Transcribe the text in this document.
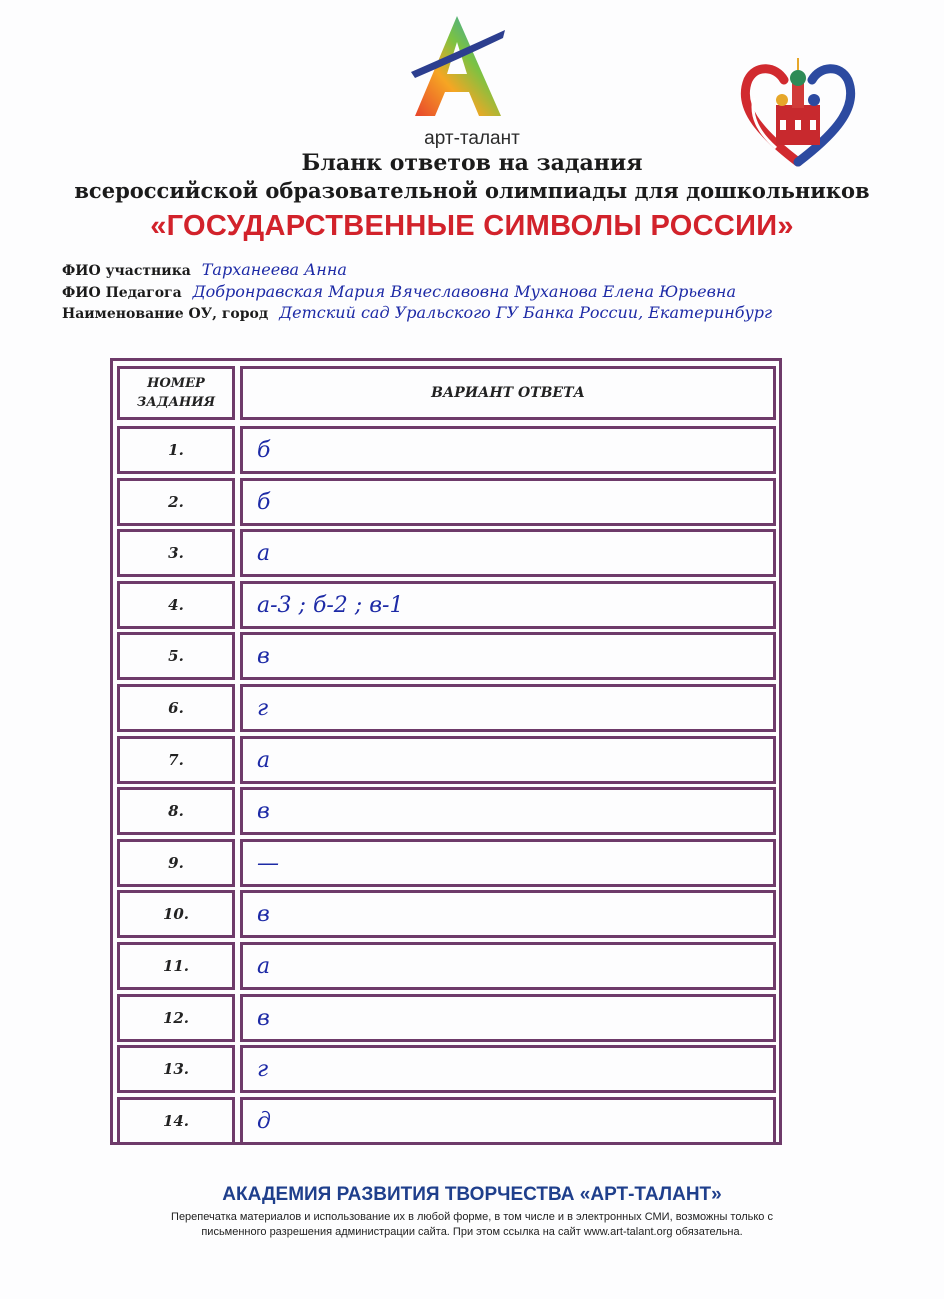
арт-талант
Бланк ответов на задания
всероссийской образовательной олимпиады для дошкольников
«ГОСУДАРСТВЕННЫЕ СИМВОЛЫ РОССИИ»
ФИО участника Тарханеева Анна
ФИО Педагога Добронравская Мария Вячеславовна Муханова Елена Юрьевна
Наименование ОУ, город Детский сад Уральского ГУ Банка России, Екатеринбург
НОМЕР ЗАДАНИЯ
ВАРИАНТ ОТВЕТА
1.	б
2.	б
3.	а
4.	а-3 ; б-2 ; в-1
5.	в
6.	г
7.	а
8.	в
9.	—
10.	в
11.	а
12.	в
13.	г
14.	д
АКАДЕМИЯ РАЗВИТИЯ ТВОРЧЕСТВА «АРТ-ТАЛАНТ»
Перепечатка материалов и использование их в любой форме, в том числе и в электронных СМИ, возможны только с
письменного разрешения администрации сайта. При этом ссылка на сайт www.art-talant.org обязательна.
